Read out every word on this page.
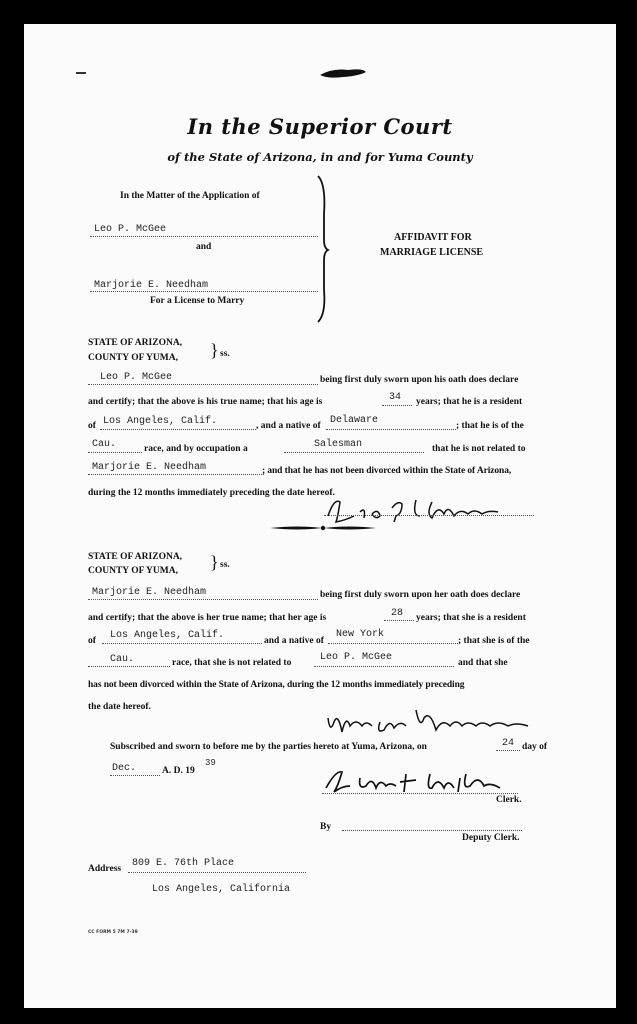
In the Superior Court
of the State of Arizona, in and for Yuma County
In the Matter of the Application of
Leo P. McGee
and
Marjorie E. Needham
For a License to Marry
AFFIDAVIT FOR
MARRIAGE LICENSE
STATE OF ARIZONA,
COUNTY OF YUMA, } ss.
Leo P. McGee	being first duly sworn upon his oath does declare
and certify; that the above is his true name; that his age is	34 years; that he is a resident
of Los Angeles, Calif.	, and a native of Delaware	; that he is of the
Cau.	race, and by occupation a	Salesman	that he is not related to
Marjorie E. Needham	; and that he has not been divorced within the State of Arizona,
during the 12 months immediately preceding the date hereof.
STATE OF ARIZONA,
COUNTY OF YUMA, } ss.
Marjorie E. Needham	being first duly sworn upon her oath does declare
and certify; that the above is her true name; that her age is	28 years; that she is a resident
of Los Angeles, Calif.	and a native of
New York
; that she is of the
Cau.	race, that she is not related to	Leo P. McGee	and that she
has not been divorced within the State of Arizona, during the 12 months immediately preceding
the date hereof.
Subscribed and sworn to before me by the parties hereto at Yuma, Arizona, on	24 day of
Dec.	A. D. 19
39
Clerk.
By
Deputy Clerk.
Address 809 E. 76th Place
Los Angeles, California
CC FORM 5 7M 7-39
